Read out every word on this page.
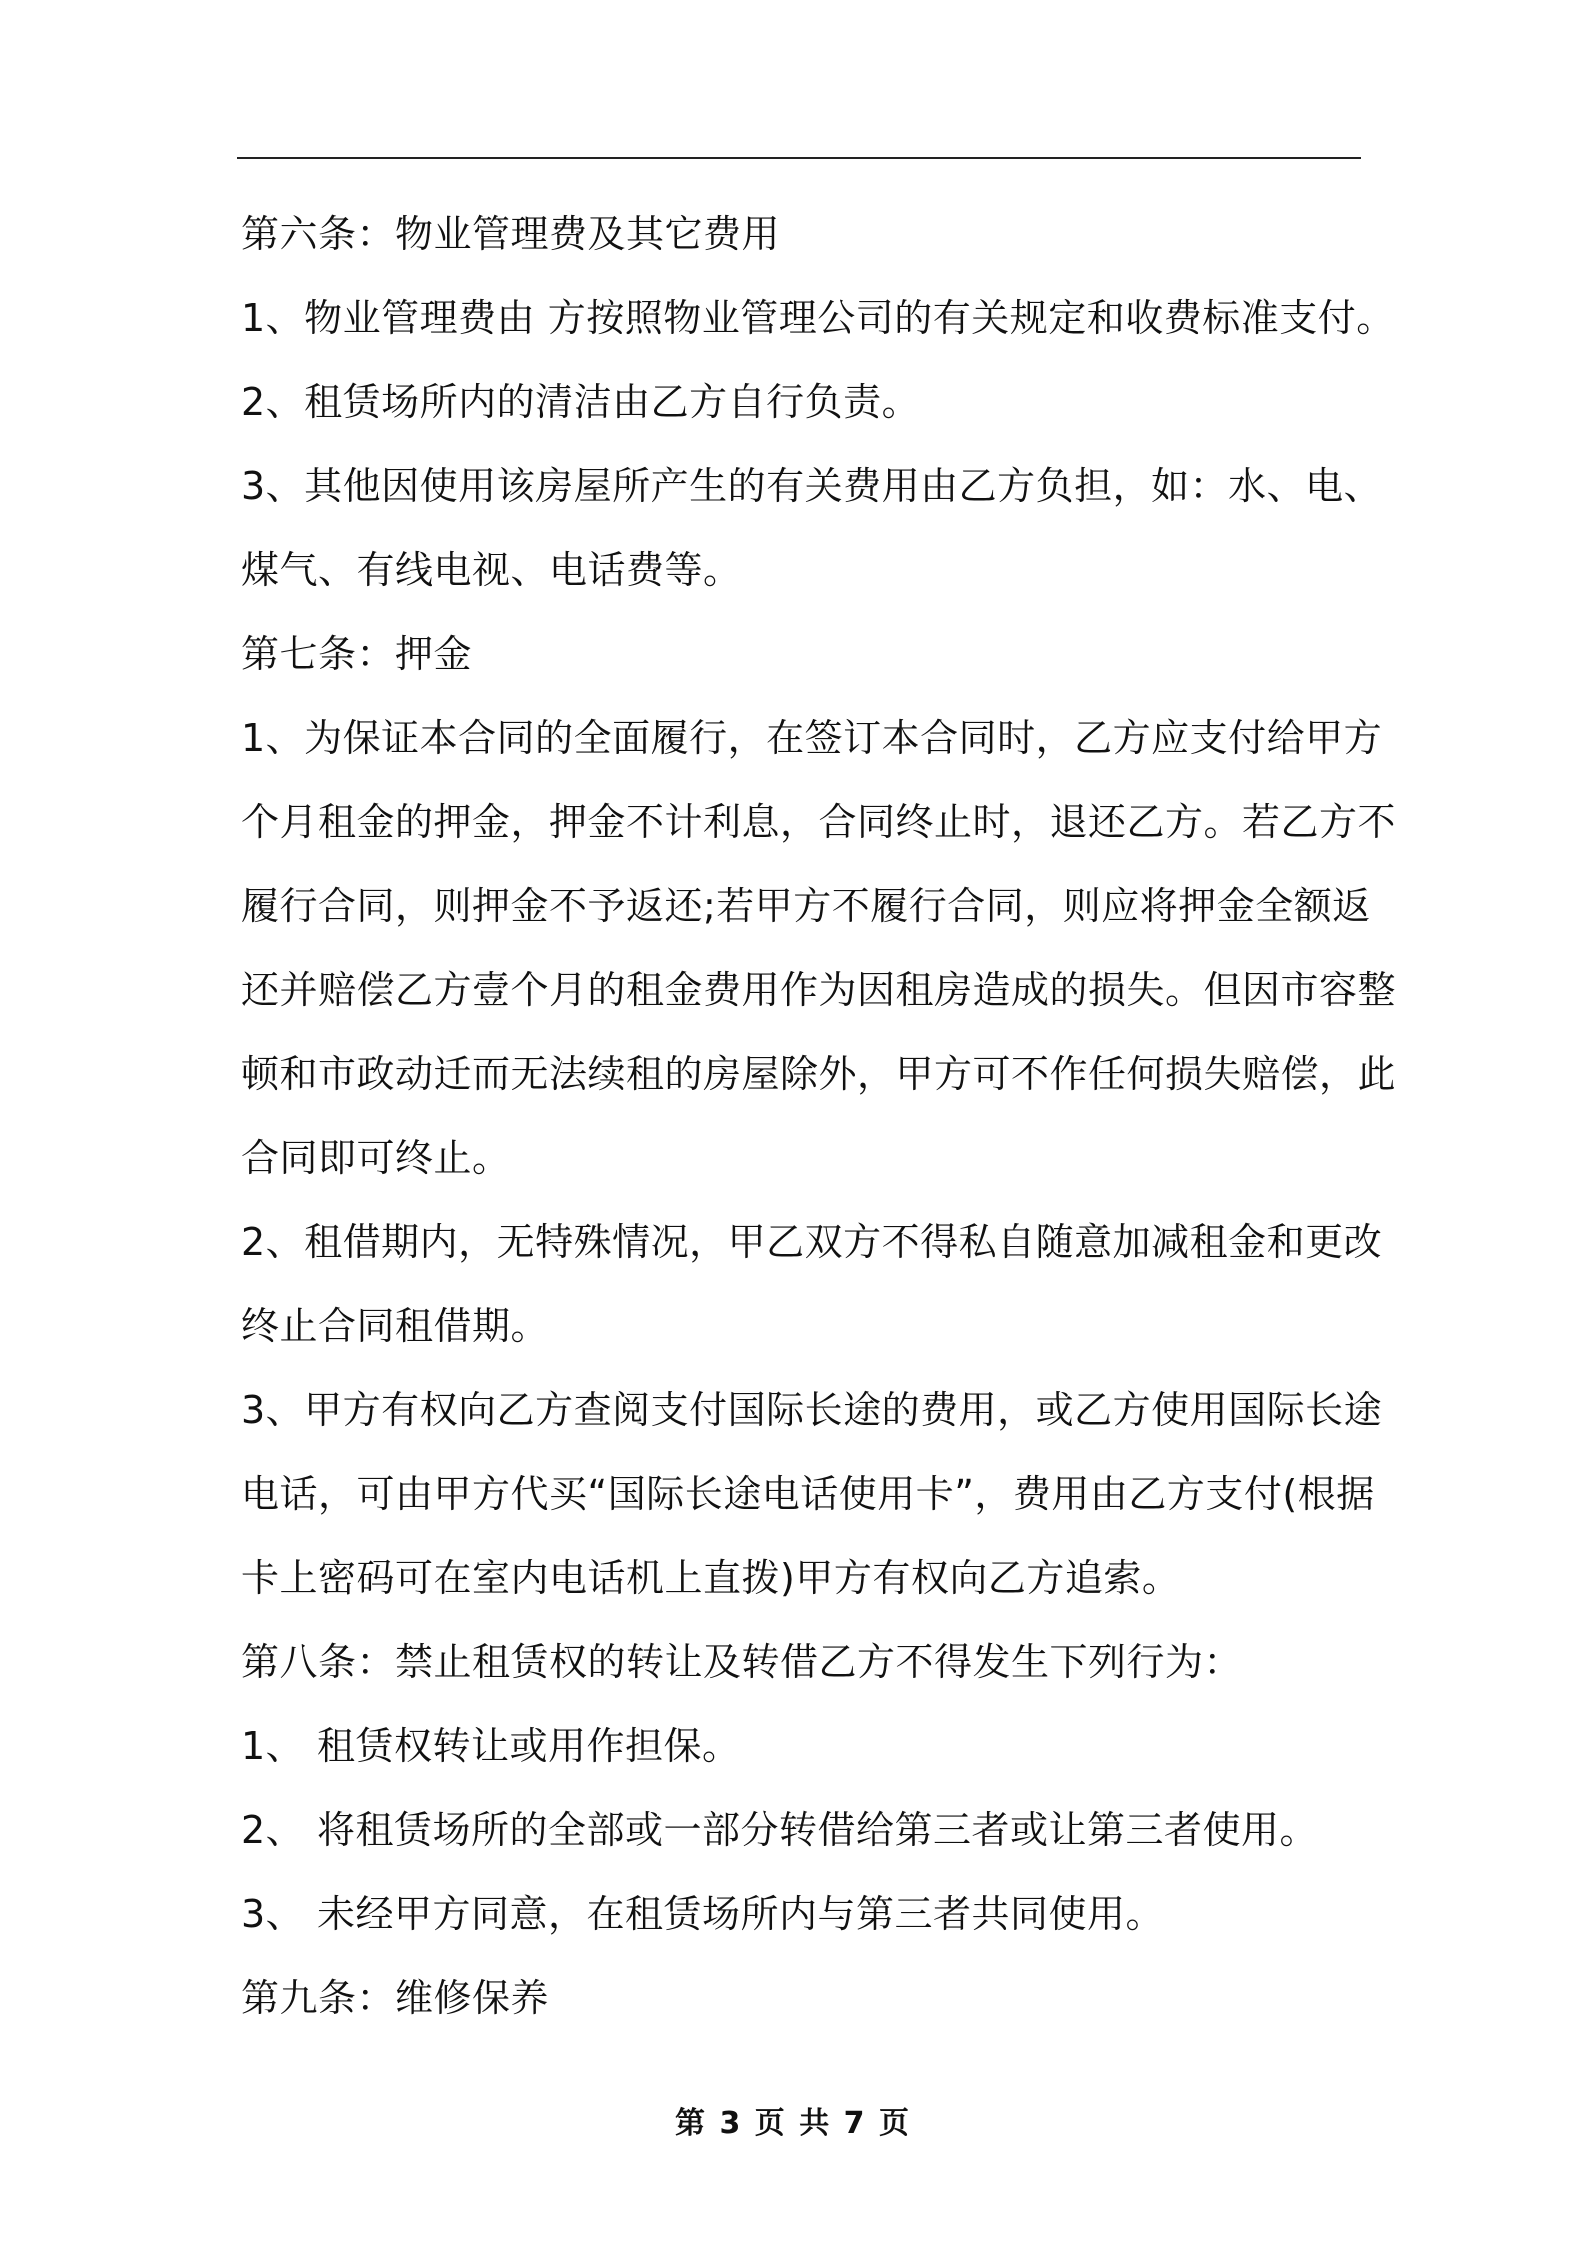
第六条：物业管理费及其它费用
1、物业管理费由 方按照物业管理公司的有关规定和收费标准支付。
2、租赁场所内的清洁由乙方自行负责。
3、其他因使用该房屋所产生的有关费用由乙方负担，如：水、电、
煤气、有线电视、电话费等。
第七条：押金
1、为保证本合同的全面履行，在签订本合同时，乙方应支付给甲方
个月租金的押金，押金不计利息，合同终止时，退还乙方。若乙方不
履行合同，则押金不予返还;若甲方不履行合同，则应将押金全额返
还并赔偿乙方壹个月的租金费用作为因租房造成的损失。但因市容整
顿和市政动迁而无法续租的房屋除外，甲方可不作任何损失赔偿，此
合同即可终止。
2、租借期内，无特殊情况，甲乙双方不得私自随意加减租金和更改
终止合同租借期。
3、甲方有权向乙方查阅支付国际长途的费用，或乙方使用国际长途
电话，可由甲方代买“国际长途电话使用卡”，费用由乙方支付(根据
卡上密码可在室内电话机上直拨)甲方有权向乙方追索。
第八条：禁止租赁权的转让及转借乙方不得发生下列行为：
1、 租赁权转让或用作担保。
2、 将租赁场所的全部或一部分转借给第三者或让第三者使用。
3、 未经甲方同意，在租赁场所内与第三者共同使用。
第九条：维修保养
第 3 页 共 7 页
